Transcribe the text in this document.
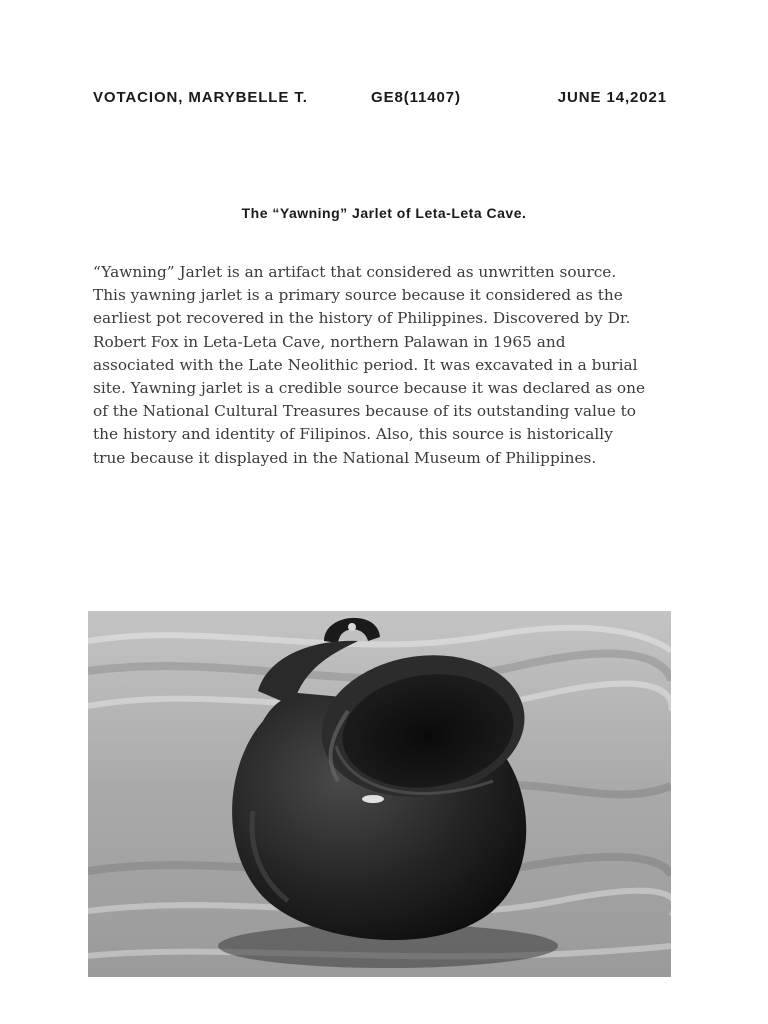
VOTACION, MARYBELLE T.	GE8(11407)	JUNE 14,2021
The “Yawning” Jarlet of Leta-Leta Cave.
“Yawning” Jarlet is an artifact that considered as unwritten source.
This yawning jarlet is a primary source because it considered as the
earliest pot recovered in the history of Philippines. Discovered by Dr.
Robert Fox in Leta-Leta Cave, northern Palawan in 1965 and
associated with the Late Neolithic period. It was excavated in a burial
site. Yawning jarlet is a credible source because it was declared as one
of the National Cultural Treasures because of its outstanding value to
the history and identity of Filipinos. Also, this source is historically
true because it displayed in the National Museum of Philippines.
